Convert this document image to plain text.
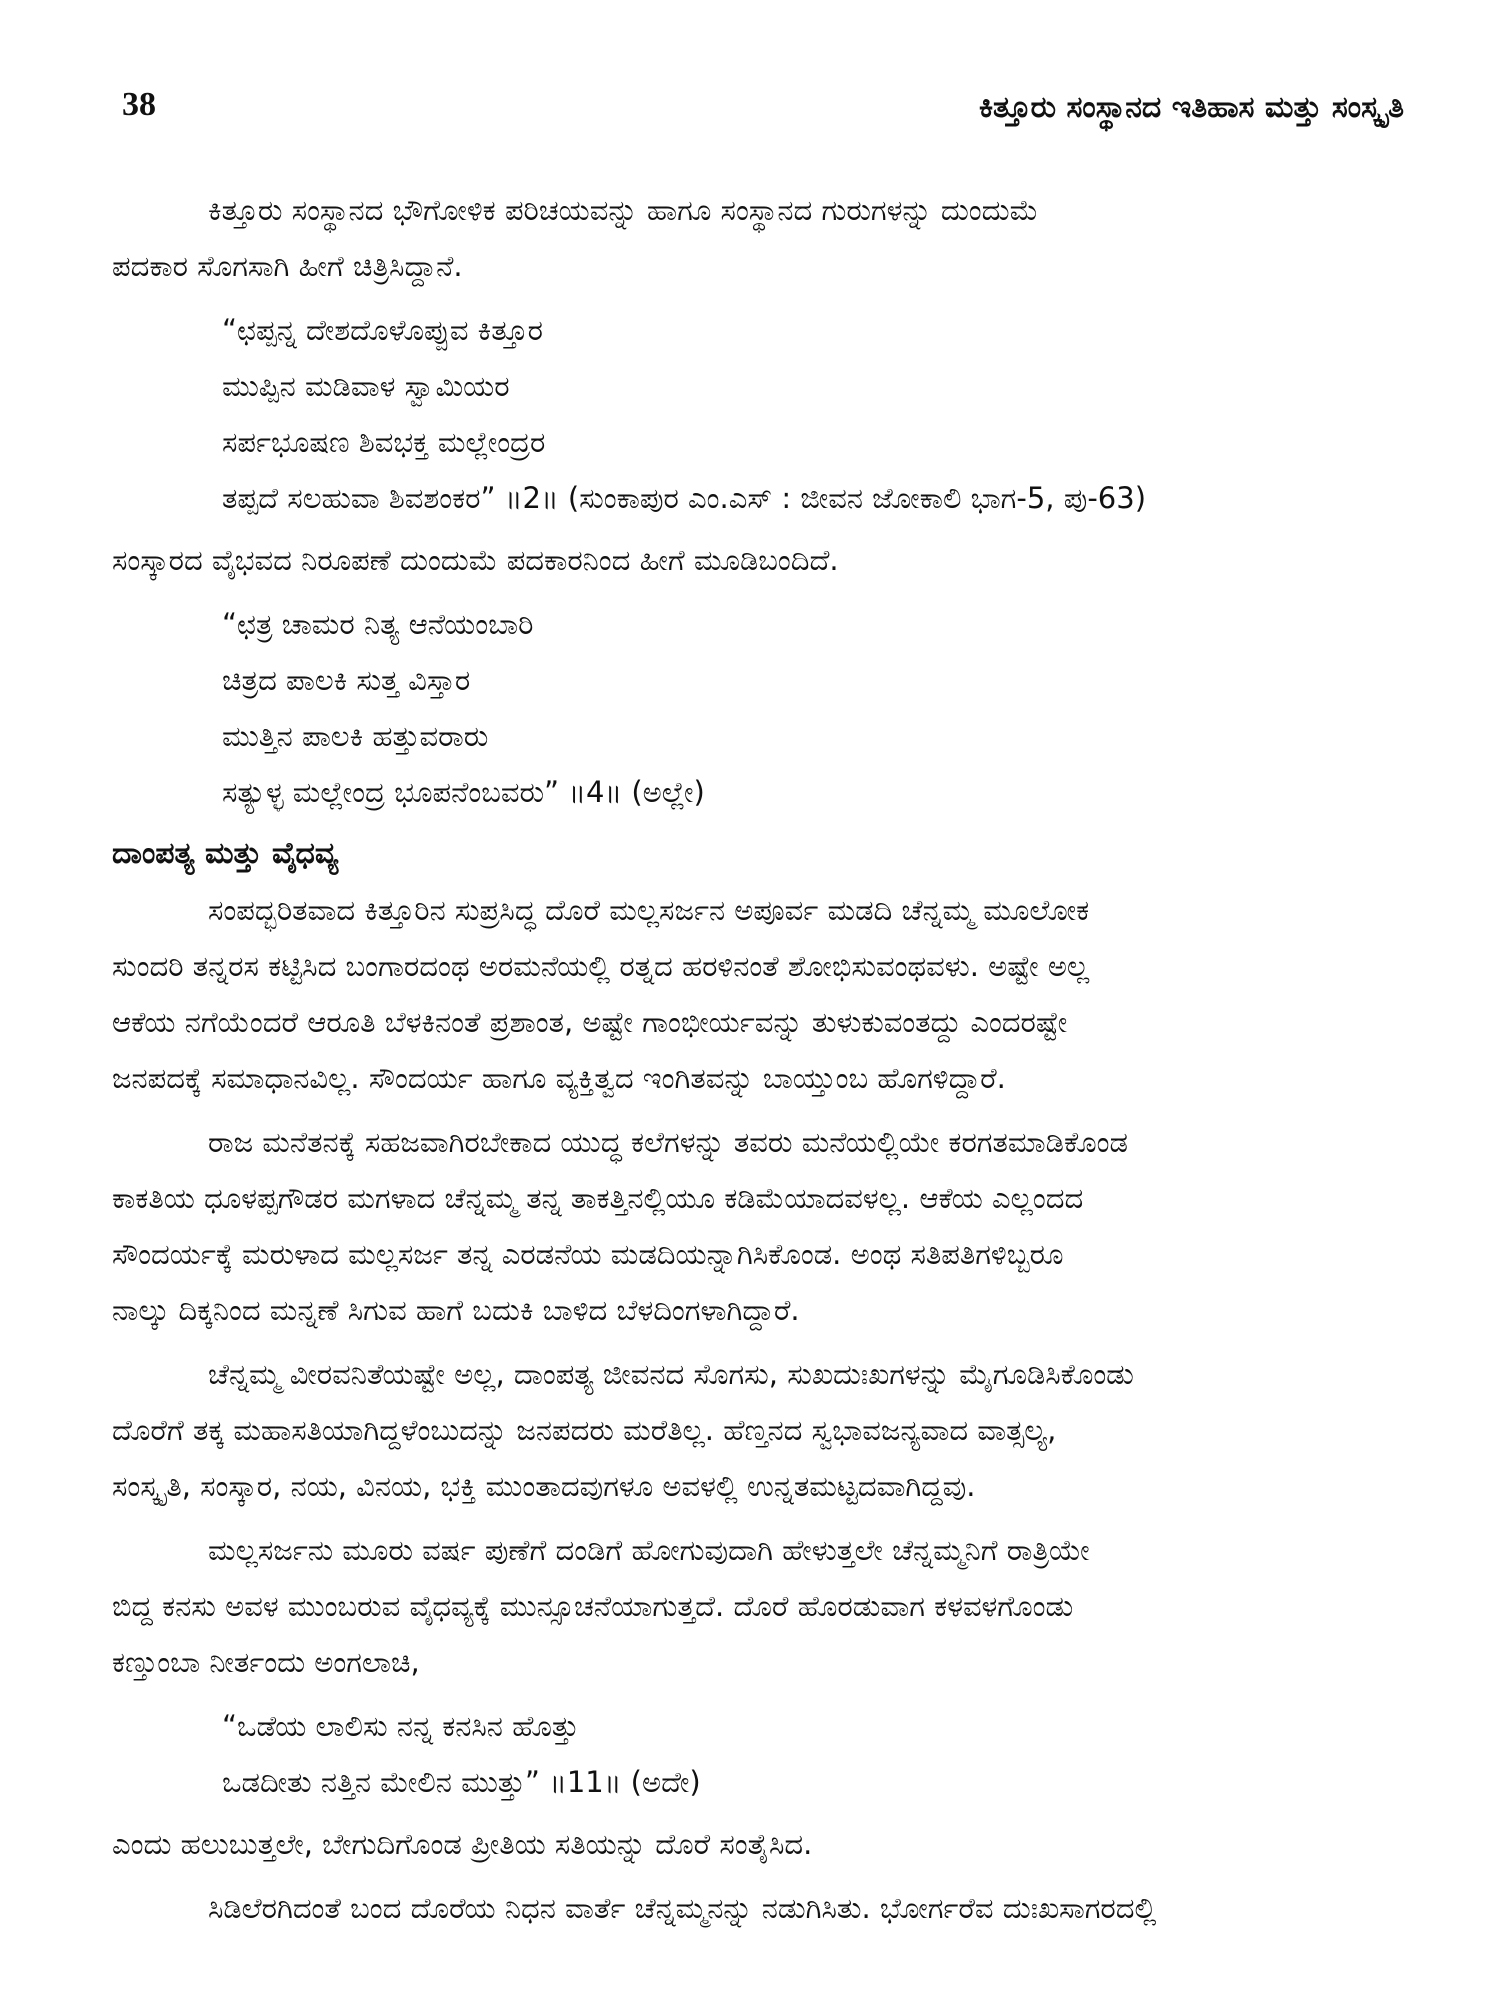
38	ಕಿತ್ತೂರು ಸಂಸ್ಥಾನದ ಇತಿಹಾಸ ಮತ್ತು ಸಂಸ್ಕೃತಿ
ಕಿತ್ತೂರು ಸಂಸ್ಥಾನದ ಭೌಗೋಳಿಕ ಪರಿಚಯವನ್ನು ಹಾಗೂ ಸಂಸ್ಥಾನದ ಗುರುಗಳನ್ನು ದುಂದುಮೆ
ಪದಕಾರ ಸೊಗಸಾಗಿ ಹೀಗೆ ಚಿತ್ರಿಸಿದ್ದಾನೆ.
“ಛಪ್ಪನ್ನ ದೇಶದೊಳೊಪ್ಪುವ ಕಿತ್ತೂರ
ಮುಪ್ಪಿನ ಮಡಿವಾಳ ಸ್ವಾಮಿಯರ
ಸರ್ಪಭೂಷಣ ಶಿವಭಕ್ತ ಮಲ್ಲೇಂದ್ರರ
ತಪ್ಪದೆ ಸಲಹುವಾ ಶಿವಶಂಕರ” ॥2॥ (ಸುಂಕಾಪುರ ಎಂ.ಎಸ್ : ಜೀವನ ಜೋಕಾಲಿ ಭಾಗ-5, ಪು-63)
ಸಂಸ್ಕಾರದ ವೈಭವದ ನಿರೂಪಣೆ ದುಂದುಮೆ ಪದಕಾರನಿಂದ ಹೀಗೆ ಮೂಡಿಬಂದಿದೆ.
“ಛತ್ರ ಚಾಮರ ನಿತ್ಯ ಆನೆಯಂಬಾರಿ
ಚಿತ್ರದ ಪಾಲಕಿ ಸುತ್ತ ವಿಸ್ತಾರ
ಮುತ್ತಿನ ಪಾಲಕಿ ಹತ್ತುವರಾರು
ಸತ್ಯುಳ್ಳ ಮಲ್ಲೇಂದ್ರ ಭೂಪನೆಂಬವರು” ॥4॥ (ಅಲ್ಲೇ)
ದಾಂಪತ್ಯ ಮತ್ತು ವೈಧವ್ಯ
ಸಂಪದ್ಭರಿತವಾದ ಕಿತ್ತೂರಿನ ಸುಪ್ರಸಿದ್ಧ ದೊರೆ ಮಲ್ಲಸರ್ಜನ ಅಪೂರ್ವ ಮಡದಿ ಚೆನ್ನಮ್ಮ ಮೂಲೋಕ
ಸುಂದರಿ ತನ್ನರಸ ಕಟ್ಟಿಸಿದ ಬಂಗಾರದಂಥ ಅರಮನೆಯಲ್ಲಿ ರತ್ನದ ಹರಳಿನಂತೆ ಶೋಭಿಸುವಂಥವಳು. ಅಷ್ಟೇ ಅಲ್ಲ
ಆಕೆಯ ನಗೆಯೆಂದರೆ ಆರೂತಿ ಬೆಳಕಿನಂತೆ ಪ್ರಶಾಂತ, ಅಷ್ಟೇ ಗಾಂಭೀರ್ಯವನ್ನು ತುಳುಕುವಂತದ್ದು ಎಂದರಷ್ಟೇ
ಜನಪದಕ್ಕೆ ಸಮಾಧಾನವಿಲ್ಲ. ಸೌಂದರ್ಯ ಹಾಗೂ ವ್ಯಕ್ತಿತ್ವದ ಇಂಗಿತವನ್ನು ಬಾಯ್ತುಂಬ ಹೊಗಳಿದ್ದಾರೆ.
ರಾಜ ಮನೆತನಕ್ಕೆ ಸಹಜವಾಗಿರಬೇಕಾದ ಯುದ್ಧ ಕಲೆಗಳನ್ನು ತವರು ಮನೆಯಲ್ಲಿಯೇ ಕರಗತಮಾಡಿಕೊಂಡ
ಕಾಕತಿಯ ಧೂಳಪ್ಪಗೌಡರ ಮಗಳಾದ ಚೆನ್ನಮ್ಮ ತನ್ನ ತಾಕತ್ತಿನಲ್ಲಿಯೂ ಕಡಿಮೆಯಾದವಳಲ್ಲ. ಆಕೆಯ ಎಲ್ಲಂದದ
ಸೌಂದರ್ಯಕ್ಕೆ ಮರುಳಾದ ಮಲ್ಲಸರ್ಜ ತನ್ನ ಎರಡನೆಯ ಮಡದಿಯನ್ನಾಗಿಸಿಕೊಂಡ. ಅಂಥ ಸತಿಪತಿಗಳಿಬ್ಬರೂ
ನಾಲ್ಕು ದಿಕ್ಕನಿಂದ ಮನ್ನಣೆ ಸಿಗುವ ಹಾಗೆ ಬದುಕಿ ಬಾಳಿದ ಬೆಳದಿಂಗಳಾಗಿದ್ದಾರೆ.
ಚೆನ್ನಮ್ಮ ವೀರವನಿತೆಯಷ್ಟೇ ಅಲ್ಲ, ದಾಂಪತ್ಯ ಜೀವನದ ಸೊಗಸು, ಸುಖದುಃಖಗಳನ್ನು ಮೈಗೂಡಿಸಿಕೊಂಡು
ದೊರೆಗೆ ತಕ್ಕ ಮಹಾಸತಿಯಾಗಿದ್ದಳೆಂಬುದನ್ನು ಜನಪದರು ಮರೆತಿಲ್ಲ. ಹೆಣ್ತನದ ಸ್ವಭಾವಜನ್ಯವಾದ ವಾತ್ಸಲ್ಯ,
ಸಂಸ್ಕೃತಿ, ಸಂಸ್ಕಾರ, ನಯ, ವಿನಯ, ಭಕ್ತಿ ಮುಂತಾದವುಗಳೂ ಅವಳಲ್ಲಿ ಉನ್ನತಮಟ್ಟದವಾಗಿದ್ದವು.
ಮಲ್ಲಸರ್ಜನು ಮೂರು ವರ್ಷ ಪುಣೆಗೆ ದಂಡಿಗೆ ಹೋಗುವುದಾಗಿ ಹೇಳುತ್ತಲೇ ಚೆನ್ನಮ್ಮನಿಗೆ ರಾತ್ರಿಯೇ
ಬಿದ್ದ ಕನಸು ಅವಳ ಮುಂಬರುವ ವೈಧವ್ಯಕ್ಕೆ ಮುನ್ಸೂಚನೆಯಾಗುತ್ತದೆ. ದೊರೆ ಹೊರಡುವಾಗ ಕಳವಳಗೊಂಡು
ಕಣ್ತುಂಬಾ ನೀರ್ತಂದು ಅಂಗಲಾಚಿ,
“ಒಡೆಯ ಲಾಲಿಸು ನನ್ನ ಕನಸಿನ ಹೊತ್ತು
ಒಡದೀತು ನತ್ತಿನ ಮೇಲಿನ ಮುತ್ತು” ॥11॥ (ಅದೇ)
ಎಂದು ಹಲುಬುತ್ತಲೇ, ಬೇಗುದಿಗೊಂಡ ಪ್ರೀತಿಯ ಸತಿಯನ್ನು ದೊರೆ ಸಂತೈಸಿದ.
ಸಿಡಿಲೆರಗಿದಂತೆ ಬಂದ ದೊರೆಯ ನಿಧನ ವಾರ್ತೆ ಚೆನ್ನಮ್ಮನನ್ನು ನಡುಗಿಸಿತು. ಭೋರ್ಗರೆವ ದುಃಖಸಾಗರದಲ್ಲಿ
